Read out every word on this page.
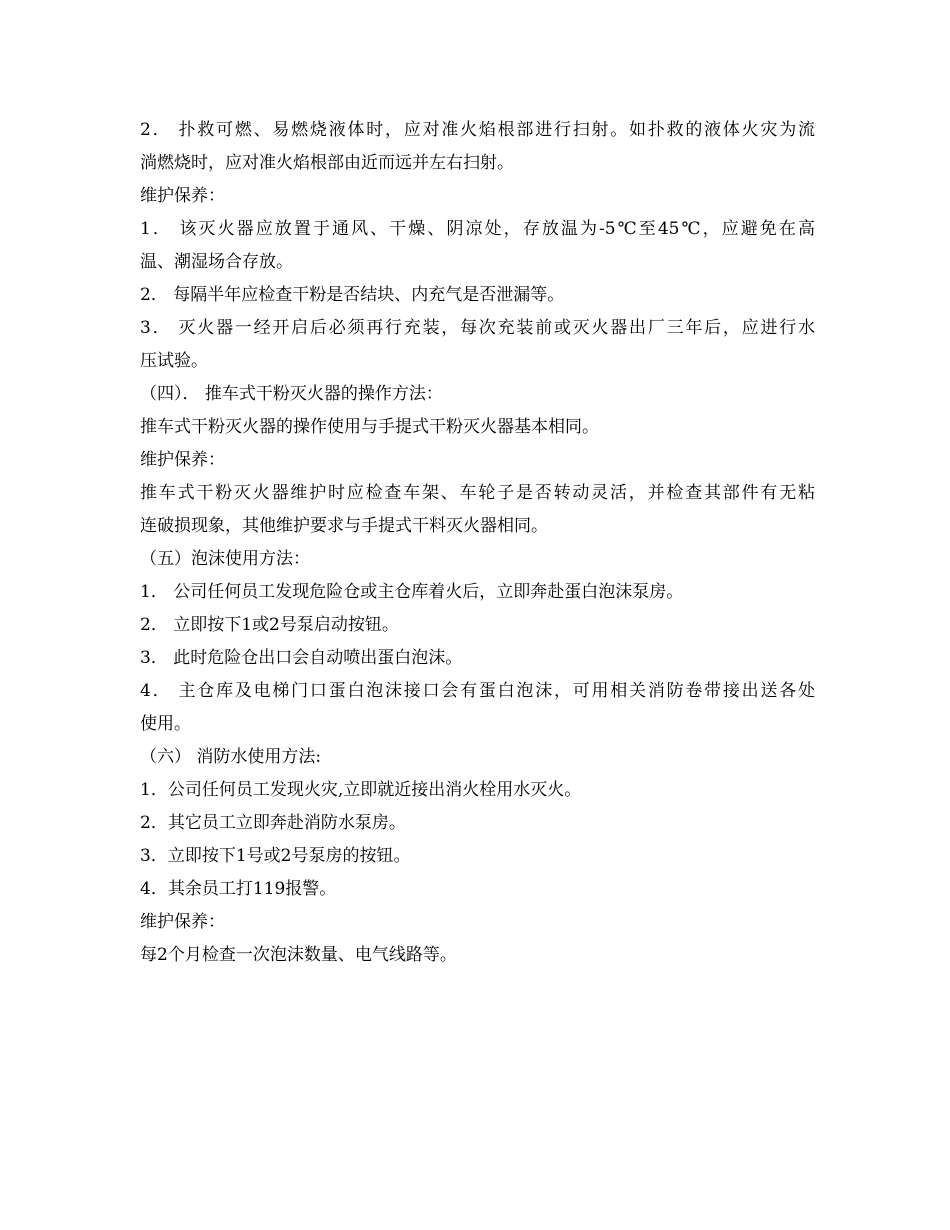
2． 扑救可燃、易燃烧液体时，应对准火焰根部进行扫射。如扑救的液体火灾为流
淌燃烧时，应对准火焰根部由近而远并左右扫射。
维护保养：
1． 该灭火器应放置于通风、干燥、阴凉处，存放温为-5℃至45℃，应避免在高
温、潮湿场合存放。
2． 每隔半年应检查干粉是否结块、内充气是否泄漏等。
3． 灭火器一经开启后必须再行充装，每次充装前或灭火器出厂三年后，应进行水
压试验。
（四）． 推车式干粉灭火器的操作方法：
推车式干粉灭火器的操作使用与手提式干粉灭火器基本相同。
维护保养：
推车式干粉灭火器维护时应检查车架、车轮子是否转动灵活，并检查其部件有无粘
连破损现象，其他维护要求与手提式干料灭火器相同。
（五）泡沫使用方法：
1． 公司任何员工发现危险仓或主仓库着火后，立即奔赴蛋白泡沫泵房。
2． 立即按下1或2号泵启动按钮。
3． 此时危险仓出口会自动喷出蛋白泡沫。
4． 主仓库及电梯门口蛋白泡沫接口会有蛋白泡沫，可用相关消防卷带接出送各处
使用。
（六） 消防水使用方法:
1．公司任何员工发现火灾,立即就近接出消火栓用水灭火。
2．其它员工立即奔赴消防水泵房。
3．立即按下1号或2号泵房的按钮。
4．其余员工打119报警。
维护保养：
每2个月检查一次泡沫数量、电气线路等。
